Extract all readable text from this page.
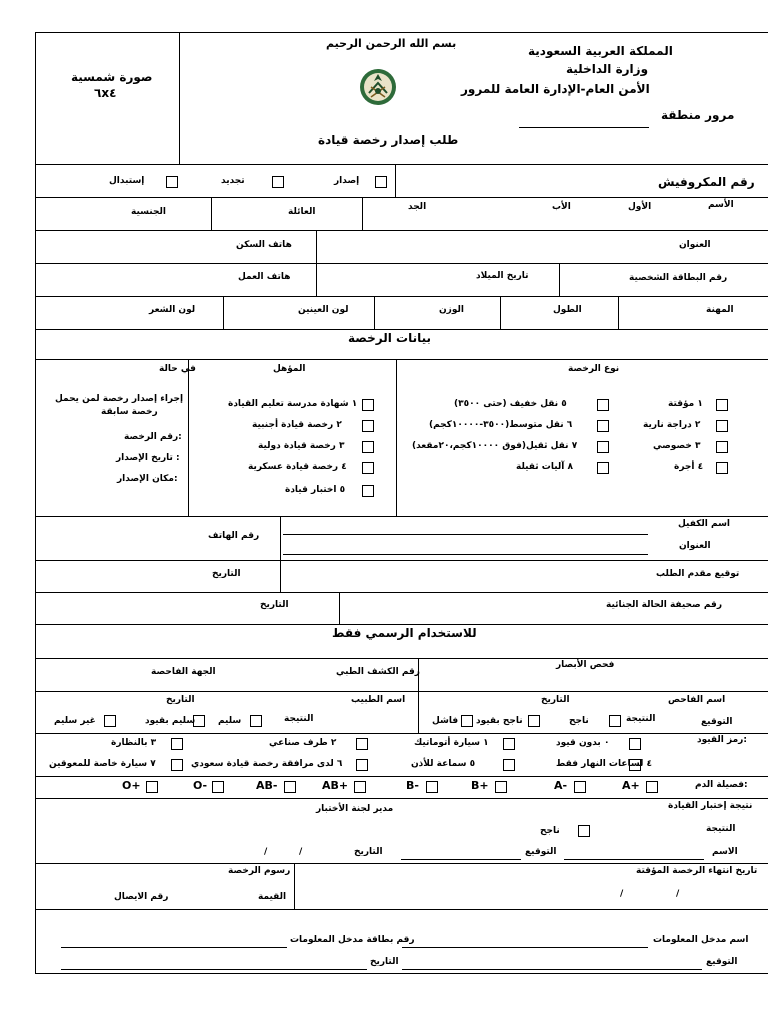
صورة شمسية
٦x٤
بسم الله الرحمن الرحيم
طلب إصدار رخصة قيادة
المملكة العربية السعودية
وزارة الداخلية
الأمن العام-الإدارة العامة للمرور
مرور منطقة
إصدار
تجديد
إستبدال	رقم المكروفيش
الأسم
الأول
الأب
الجد
العائلة
الجنسية
العنوان
هاتف السكن
رقم البطاقة الشخصية
تاريخ الميلاد
هاتف العمل
المهنة
الطول
الوزن
لون العينين
لون الشعر
بيانات الرخصة
نوع الرخصة
المؤهل
في حالة
١ مؤقتة
٢ دراجة نارية
٣ خصوصي
٤ أجرة
٥ نقل خفيف (حتى ٣٥٠٠)
٦ نقل متوسط(٣٥٠٠-١٠٠٠٠كجم)
٧ نقل ثقيل(فوق ١٠٠٠٠كجم،٢٠مقعد)
٨ آليات ثقيلة
١ شهادة مدرسة تعليم القيادة
٢ رخصة قيادة أجنبية
٣ رخصة قيادة دولية
٤ رخصة قيادة عسكرية
٥ اختبار قيادة
إجراء إصدار رخصة لمن يحمل
رخصة سابقة
رقم الرخصة:
تاريخ الإصدار :
مكان الإصدار:
اسم الكفيل
العنوان
رقم الهاتف
توقيع مقدم الطلب
التاريخ
رقم صحيفة الحالة الجنائية
التاريخ
للاستخدام الرسمي فقط
فحص الأبصار
رقم الكشف الطبي
الجهة الفاحصة
اسم الفاحص
التاريخ
التوقيع
النتيجة
ناجح
ناجح بقيود
فاشل
اسم الطبيب
التاريخ
النتيجة
سليم
سليم بقيود
غير سليم
رمز القيود:
٠ بدون قيود
١ سيارة أتوماتيك
٢ طرف صناعي
٣ بالنظارة
٤ لساعات النهار فقط
٥ سماعة للأذن
٦ لدى مرافقة رخصة قيادة سعودي
٧ سيارة خاصة للمعوقين
فصيلة الدم:
A+
A-
B+
B-
AB+
AB-
O-
O+
نتيجة إختبار القيادة
مدير لجنة الأختبار
النتيجة
ناجح
الاسم
التوقيع
التاريخ
/
/
تاريخ انتهاء الرخصة المؤقتة
/
/
رسوم الرخصة
القيمة
رقم الايصال
اسم مدخل المعلومات
رقم بطاقة مدخل المعلومات
التوقيع
التاريخ
